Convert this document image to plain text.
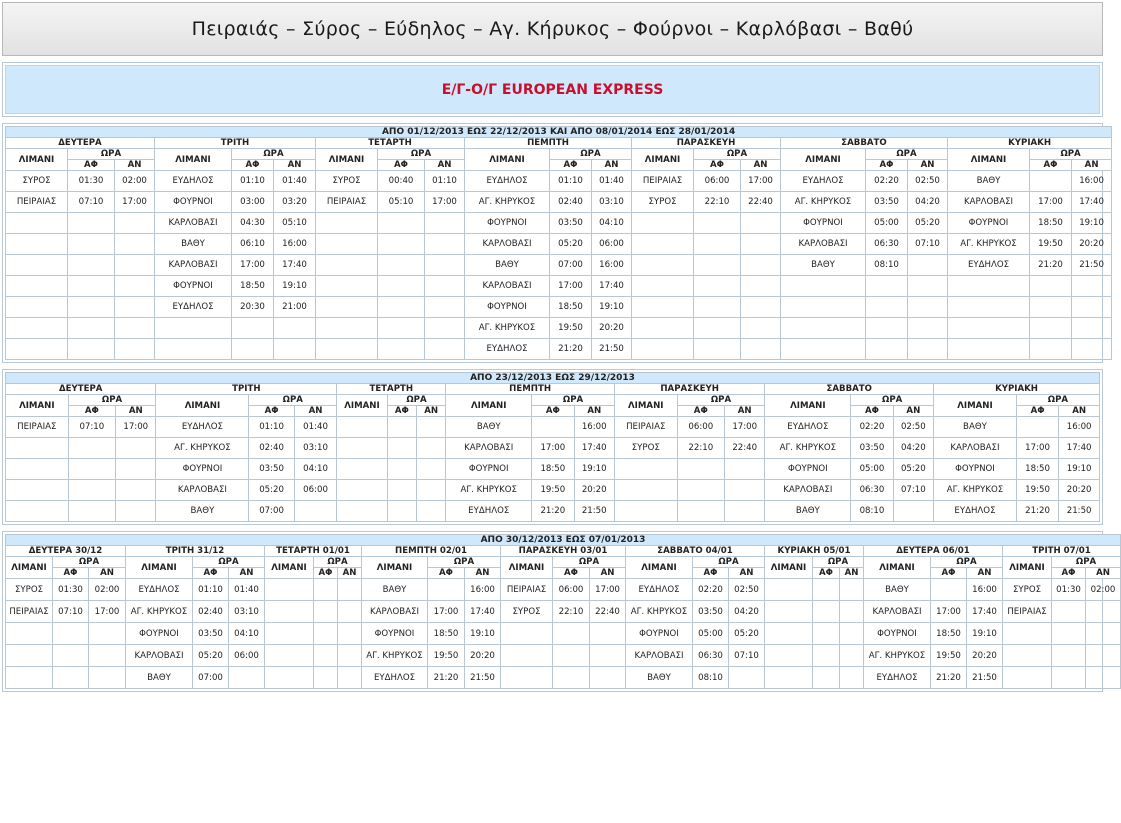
Πειραιάς – Σύρος – Εύδηλος – Αγ. Κήρυκος – Φούρνοι – Καρλόβασι – Βαθύ
Ε/Γ-Ο/Γ EUROPEAN EXPRESS
ΑΠΟ 01/12/2013 ΕΩΣ 22/12/2013 ΚΑΙ ΑΠΟ 08/01/2014 ΕΩΣ 28/01/2014																				
ΔΕΥΤΕΡΑ			ΤΡΙΤΗ			ΤΕΤΑΡΤΗ			ΠΕΜΠΤΗ			ΠΑΡΑΣΚΕΥΗ			ΣΑΒΒΑΤΟ			ΚΥΡΙΑΚΗ		
ΛΙΜΑΝΙ	ΩΡΑ		ΛΙΜΑΝΙ	ΩΡΑ		ΛΙΜΑΝΙ	ΩΡΑ		ΛΙΜΑΝΙ	ΩΡΑ		ΛΙΜΑΝΙ	ΩΡΑ		ΛΙΜΑΝΙ	ΩΡΑ		ΛΙΜΑΝΙ	ΩΡΑ	
	ΑΦ	ΑΝ		ΑΦ	ΑΝ		ΑΦ	ΑΝ		ΑΦ	ΑΝ		ΑΦ	ΑΝ		ΑΦ	ΑΝ		ΑΦ	ΑΝ
ΣΥΡΟΣ	01:30	02:00	ΕΥΔΗΛΟΣ	01:10	01:40	ΣΥΡΟΣ	00:40	01:10	ΕΥΔΗΛΟΣ	01:10	01:40	ΠΕΙΡΑΙΑΣ	06:00	17:00	ΕΥΔΗΛΟΣ	02:20	02:50	ΒΑΘΥ		16:00
ΠΕΙΡΑΙΑΣ	07:10	17:00	ΦΟΥΡΝΟΙ	03:00	03:20	ΠΕΙΡΑΙΑΣ	05:10	17:00	ΑΓ. ΚΗΡΥΚΟΣ	02:40	03:10	ΣΥΡΟΣ	22:10	22:40	ΑΓ. ΚΗΡΥΚΟΣ	03:50	04:20	ΚΑΡΛΟΒΑΣΙ	17:00	17:40
			ΚΑΡΛΟΒΑΣΙ	04:30	05:10				ΦΟΥΡΝΟΙ	03:50	04:10				ΦΟΥΡΝΟΙ	05:00	05:20	ΦΟΥΡΝΟΙ	18:50	19:10
			ΒΑΘΥ	06:10	16:00				ΚΑΡΛΟΒΑΣΙ	05:20	06:00				ΚΑΡΛΟΒΑΣΙ	06:30	07:10	ΑΓ. ΚΗΡΥΚΟΣ	19:50	20:20
			ΚΑΡΛΟΒΑΣΙ	17:00	17:40				ΒΑΘΥ	07:00	16:00				ΒΑΘΥ	08:10		ΕΥΔΗΛΟΣ	21:20	21:50
			ΦΟΥΡΝΟΙ	18:50	19:10				ΚΑΡΛΟΒΑΣΙ	17:00	17:40									
			ΕΥΔΗΛΟΣ	20:30	21:00				ΦΟΥΡΝΟΙ	18:50	19:10									
									ΑΓ. ΚΗΡΥΚΟΣ	19:50	20:20									
									ΕΥΔΗΛΟΣ	21:20	21:50									
ΑΠΟ 23/12/2013 ΕΩΣ 29/12/2013																				
ΔΕΥΤΕΡΑ			ΤΡΙΤΗ			ΤΕΤΑΡΤΗ			ΠΕΜΠΤΗ			ΠΑΡΑΣΚΕΥΗ			ΣΑΒΒΑΤΟ			ΚΥΡΙΑΚΗ		
ΛΙΜΑΝΙ	ΩΡΑ		ΛΙΜΑΝΙ	ΩΡΑ		ΛΙΜΑΝΙ	ΩΡΑ		ΛΙΜΑΝΙ	ΩΡΑ		ΛΙΜΑΝΙ	ΩΡΑ		ΛΙΜΑΝΙ	ΩΡΑ		ΛΙΜΑΝΙ	ΩΡΑ	
	ΑΦ	ΑΝ		ΑΦ	ΑΝ		ΑΦ	ΑΝ		ΑΦ	ΑΝ		ΑΦ	ΑΝ		ΑΦ	ΑΝ		ΑΦ	ΑΝ
ΠΕΙΡΑΙΑΣ	07:10	17:00	ΕΥΔΗΛΟΣ	01:10	01:40				ΒΑΘΥ		16:00	ΠΕΙΡΑΙΑΣ	06:00	17:00	ΕΥΔΗΛΟΣ	02:20	02:50	ΒΑΘΥ		16:00
			ΑΓ. ΚΗΡΥΚΟΣ	02:40	03:10				ΚΑΡΛΟΒΑΣΙ	17:00	17:40	ΣΥΡΟΣ	22:10	22:40	ΑΓ. ΚΗΡΥΚΟΣ	03:50	04:20	ΚΑΡΛΟΒΑΣΙ	17:00	17:40
			ΦΟΥΡΝΟΙ	03:50	04:10				ΦΟΥΡΝΟΙ	18:50	19:10				ΦΟΥΡΝΟΙ	05:00	05:20	ΦΟΥΡΝΟΙ	18:50	19:10
			ΚΑΡΛΟΒΑΣΙ	05:20	06:00				ΑΓ. ΚΗΡΥΚΟΣ	19:50	20:20				ΚΑΡΛΟΒΑΣΙ	06:30	07:10	ΑΓ. ΚΗΡΥΚΟΣ	19:50	20:20
			ΒΑΘΥ	07:00					ΕΥΔΗΛΟΣ	21:20	21:50				ΒΑΘΥ	08:10		ΕΥΔΗΛΟΣ	21:20	21:50
ΑΠΟ 30/12/2013 ΕΩΣ 07/01/2013																										
ΔΕΥΤΕΡΑ 30/12			ΤΡΙΤΗ 31/12			ΤΕΤΑΡΤΗ 01/01			ΠΕΜΠΤΗ 02/01			ΠΑΡΑΣΚΕΥΗ 03/01			ΣΑΒΒΑΤΟ 04/01			ΚΥΡΙΑΚΗ 05/01			ΔΕΥΤΕΡΑ 06/01			ΤΡΙΤΗ 07/01		
ΛΙΜΑΝΙ	ΩΡΑ		ΛΙΜΑΝΙ	ΩΡΑ		ΛΙΜΑΝΙ	ΩΡΑ		ΛΙΜΑΝΙ	ΩΡΑ		ΛΙΜΑΝΙ	ΩΡΑ		ΛΙΜΑΝΙ	ΩΡΑ		ΛΙΜΑΝΙ	ΩΡΑ		ΛΙΜΑΝΙ	ΩΡΑ		ΛΙΜΑΝΙ	ΩΡΑ	
	ΑΦ	ΑΝ		ΑΦ	ΑΝ		ΑΦ	ΑΝ		ΑΦ	ΑΝ		ΑΦ	ΑΝ		ΑΦ	ΑΝ		ΑΦ	ΑΝ		ΑΦ	ΑΝ		ΑΦ	ΑΝ
ΣΥΡΟΣ	01:30	02:00	ΕΥΔΗΛΟΣ	01:10	01:40				ΒΑΘΥ		16:00	ΠΕΙΡΑΙΑΣ	06:00	17:00	ΕΥΔΗΛΟΣ	02:20	02:50				ΒΑΘΥ		16:00	ΣΥΡΟΣ	01:30	02:00
ΠΕΙΡΑΙΑΣ	07:10	17:00	ΑΓ. ΚΗΡΥΚΟΣ	02:40	03:10				ΚΑΡΛΟΒΑΣΙ	17:00	17:40	ΣΥΡΟΣ	22:10	22:40	ΑΓ. ΚΗΡΥΚΟΣ	03:50	04:20				ΚΑΡΛΟΒΑΣΙ	17:00	17:40	ΠΕΙΡΑΙΑΣ		
			ΦΟΥΡΝΟΙ	03:50	04:10				ΦΟΥΡΝΟΙ	18:50	19:10				ΦΟΥΡΝΟΙ	05:00	05:20				ΦΟΥΡΝΟΙ	18:50	19:10			
			ΚΑΡΛΟΒΑΣΙ	05:20	06:00				ΑΓ. ΚΗΡΥΚΟΣ	19:50	20:20				ΚΑΡΛΟΒΑΣΙ	06:30	07:10				ΑΓ. ΚΗΡΥΚΟΣ	19:50	20:20			
			ΒΑΘΥ	07:00					ΕΥΔΗΛΟΣ	21:20	21:50				ΒΑΘΥ	08:10					ΕΥΔΗΛΟΣ	21:20	21:50			
